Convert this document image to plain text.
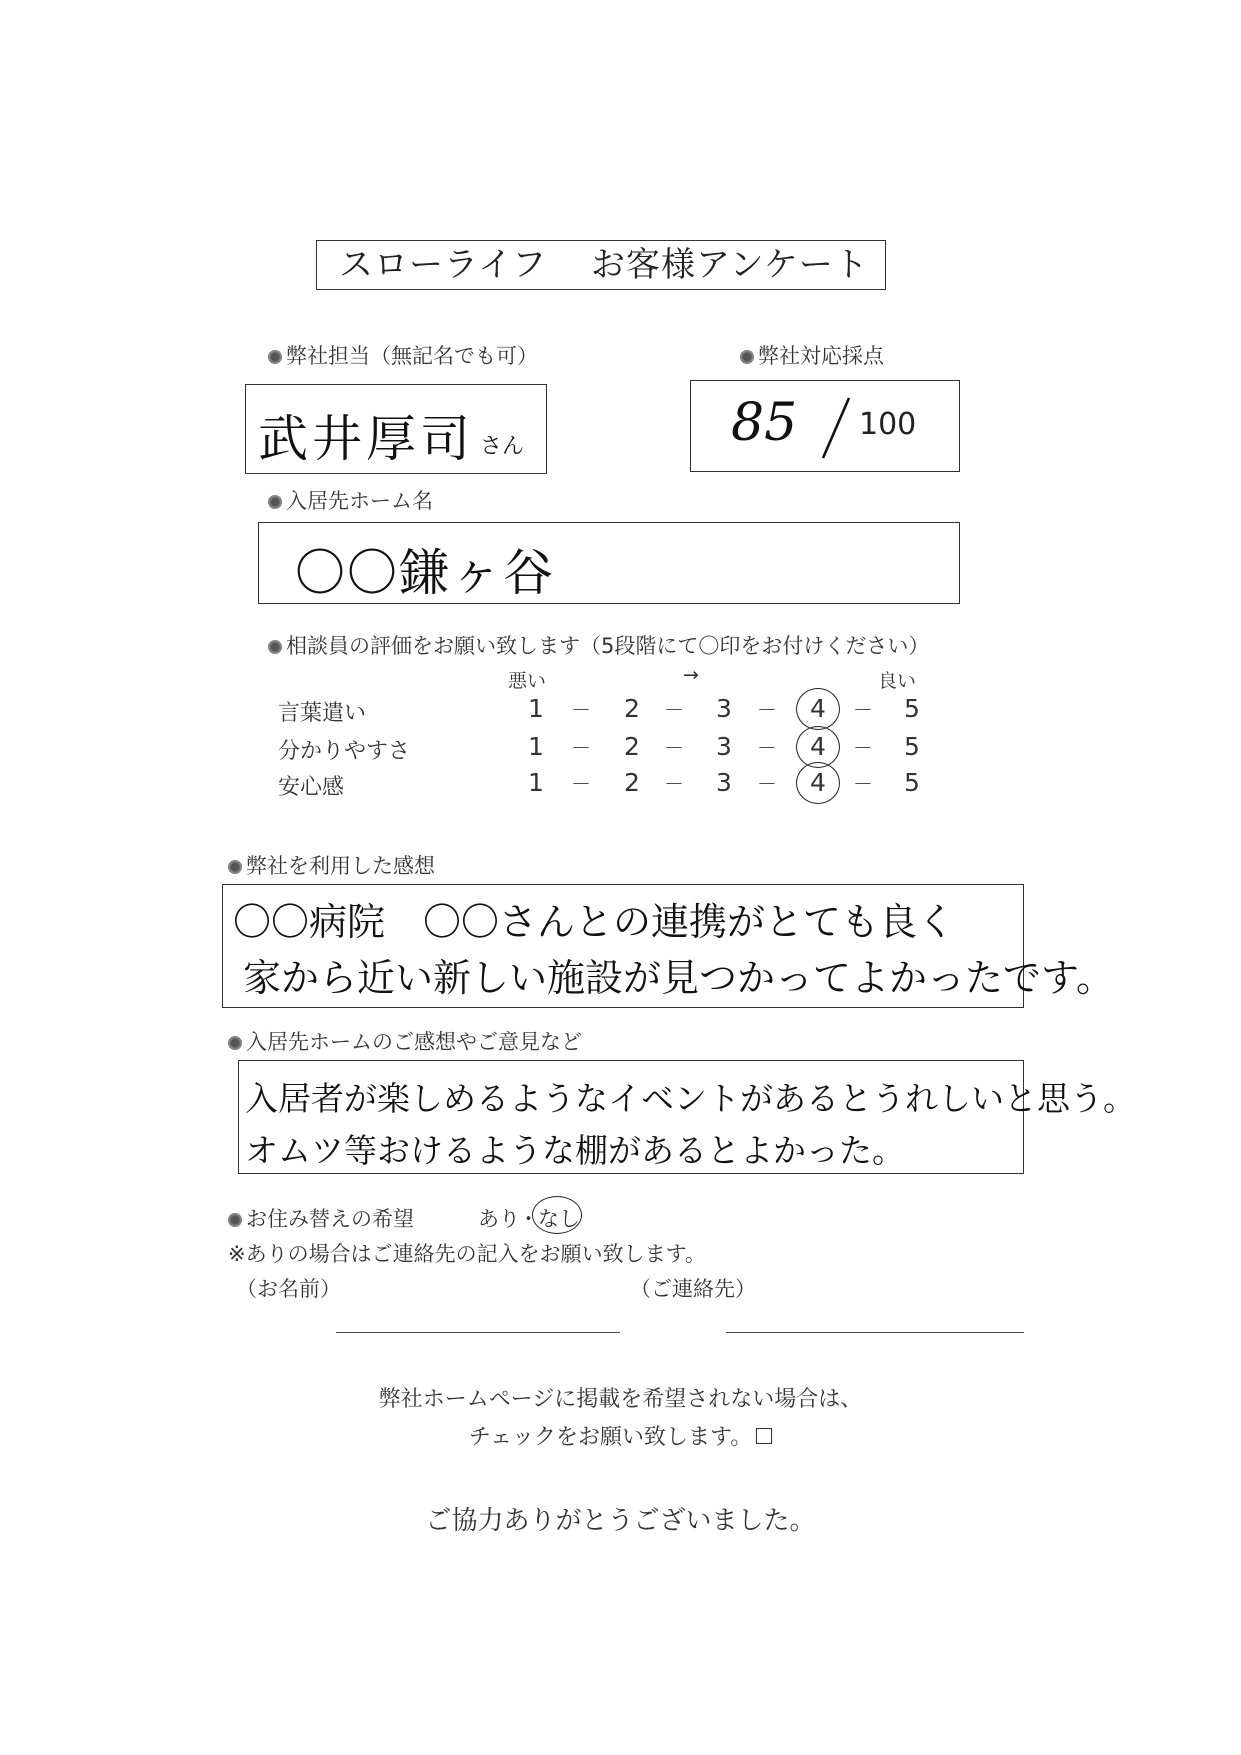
スローライフ お客様アンケート
弊社担当（無記名でも可）
武井厚司 さん
弊社対応採点
85 100
入居先ホーム名
〇〇鎌ヶ谷
相談員の評価をお願い致します（5段階にて〇印をお付けください）
悪い	→	良い
言葉遣い	1 － 2 － 3 － 4 － 5
分かりやすさ	1 － 2 － 3 － 4 － 5
安心感	1 － 2 － 3 － 4 － 5
弊社を利用した感想
〇〇病院　〇〇さんとの連携がとても良く
家から近い新しい施設が見つかってよかったです。
入居先ホームのご感想やご意見など
入居者が楽しめるようなイベントがあるとうれしいと思う。
オムツ等おけるような棚があるとよかった。
お住み替えの希望	あり
・ なし
※ありの場合はご連絡先の記入をお願い致します。
（お名前）	（ご連絡先）
弊社ホームページに掲載を希望されない場合は、
チェックをお願い致します。
ご協力ありがとうございました。
